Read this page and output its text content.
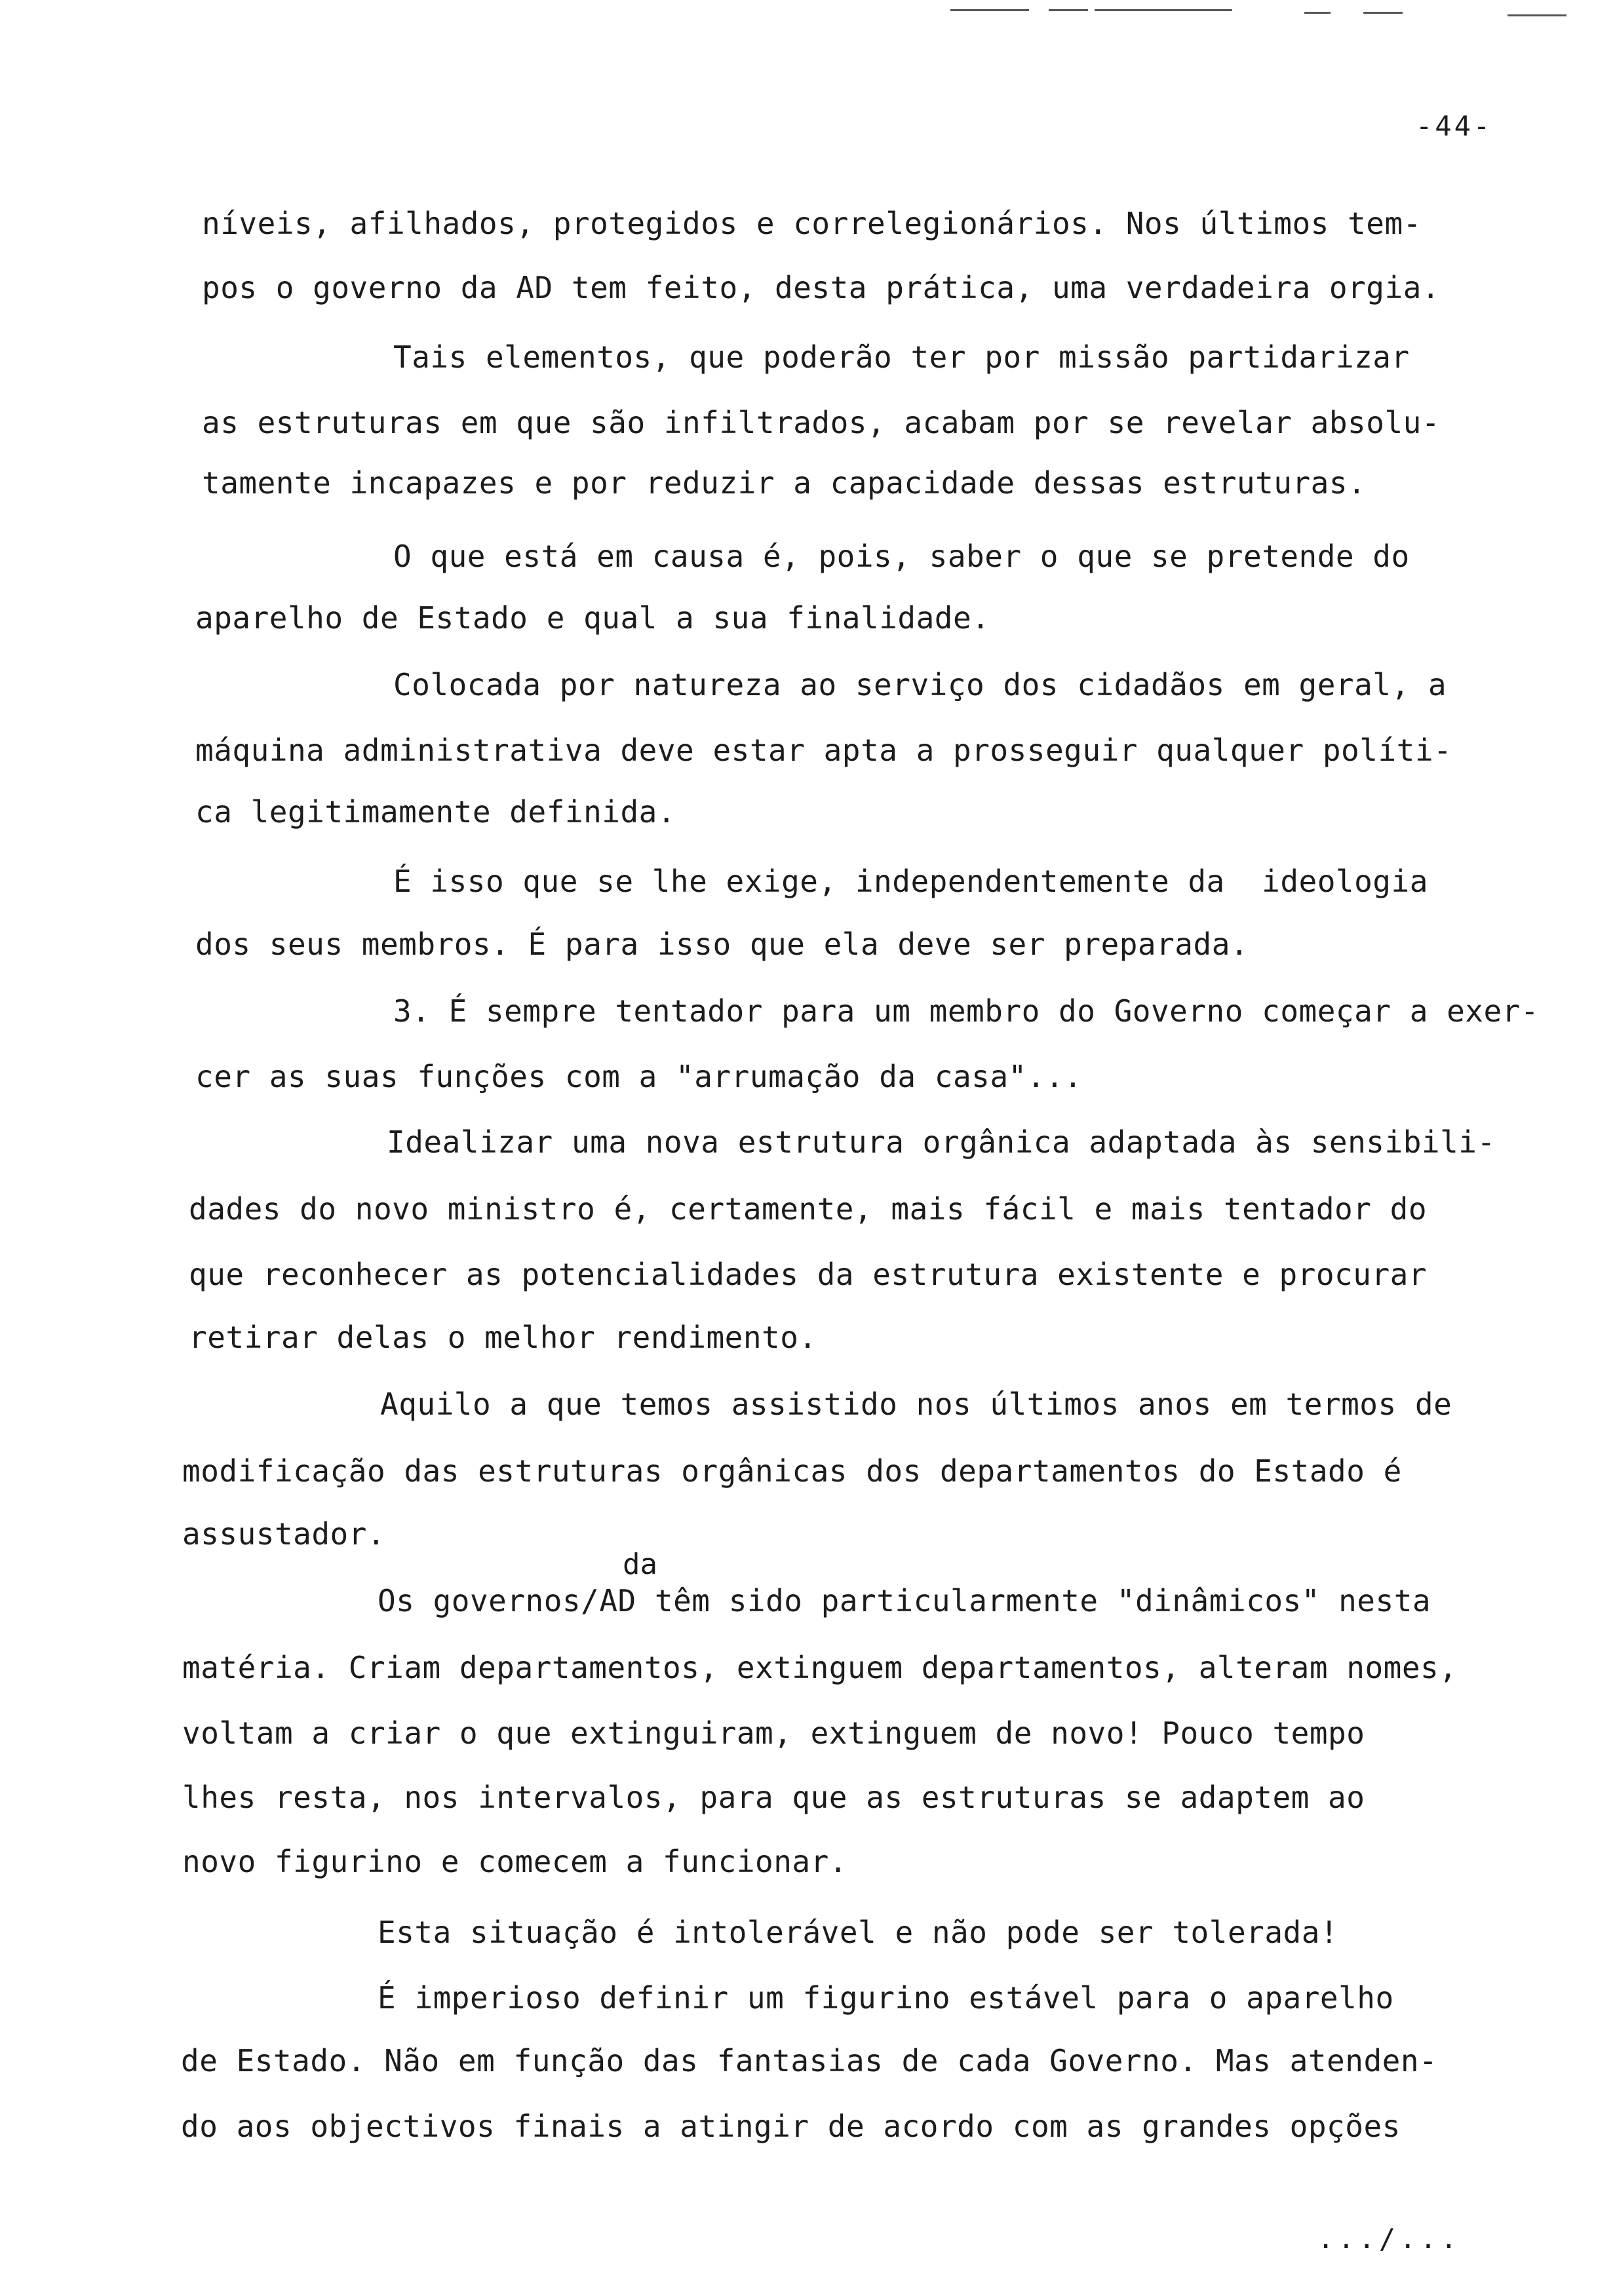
-44-
níveis, afilhados, protegidos e correlegionários. Nos últimos tem-
pos o governo da AD tem feito, desta prática, uma verdadeira orgia.
Tais elementos, que poderão ter por missão partidarizar
as estruturas em que são infiltrados, acabam por se revelar absolu-
tamente incapazes e por reduzir a capacidade dessas estruturas.
O que está em causa é, pois, saber o que se pretende do
aparelho de Estado e qual a sua finalidade.
Colocada por natureza ao serviço dos cidadãos em geral, a
máquina administrativa deve estar apta a prosseguir qualquer políti-
ca legitimamente definida.
É isso que se lhe exige, independentemente da  ideologia
dos seus membros. É para isso que ela deve ser preparada.
3. É sempre tentador para um membro do Governo começar a exer-
cer as suas funções com a "arrumação da casa"...
Idealizar uma nova estrutura orgânica adaptada às sensibili-
dades do novo ministro é, certamente, mais fácil e mais tentador do
que reconhecer as potencialidades da estrutura existente e procurar
retirar delas o melhor rendimento.
Aquilo a que temos assistido nos últimos anos em termos de
modificação das estruturas orgânicas dos departamentos do Estado é
assustador.
da
Os governos/AD têm sido particularmente "dinâmicos" nesta
matéria. Criam departamentos, extinguem departamentos, alteram nomes,
voltam a criar o que extinguiram, extinguem de novo! Pouco tempo
lhes resta, nos intervalos, para que as estruturas se adaptem ao
novo figurino e comecem a funcionar.
Esta situação é intolerável e não pode ser tolerada!
É imperioso definir um figurino estável para o aparelho
de Estado. Não em função das fantasias de cada Governo. Mas atenden-
do aos objectivos finais a atingir de acordo com as grandes opções
.../...
